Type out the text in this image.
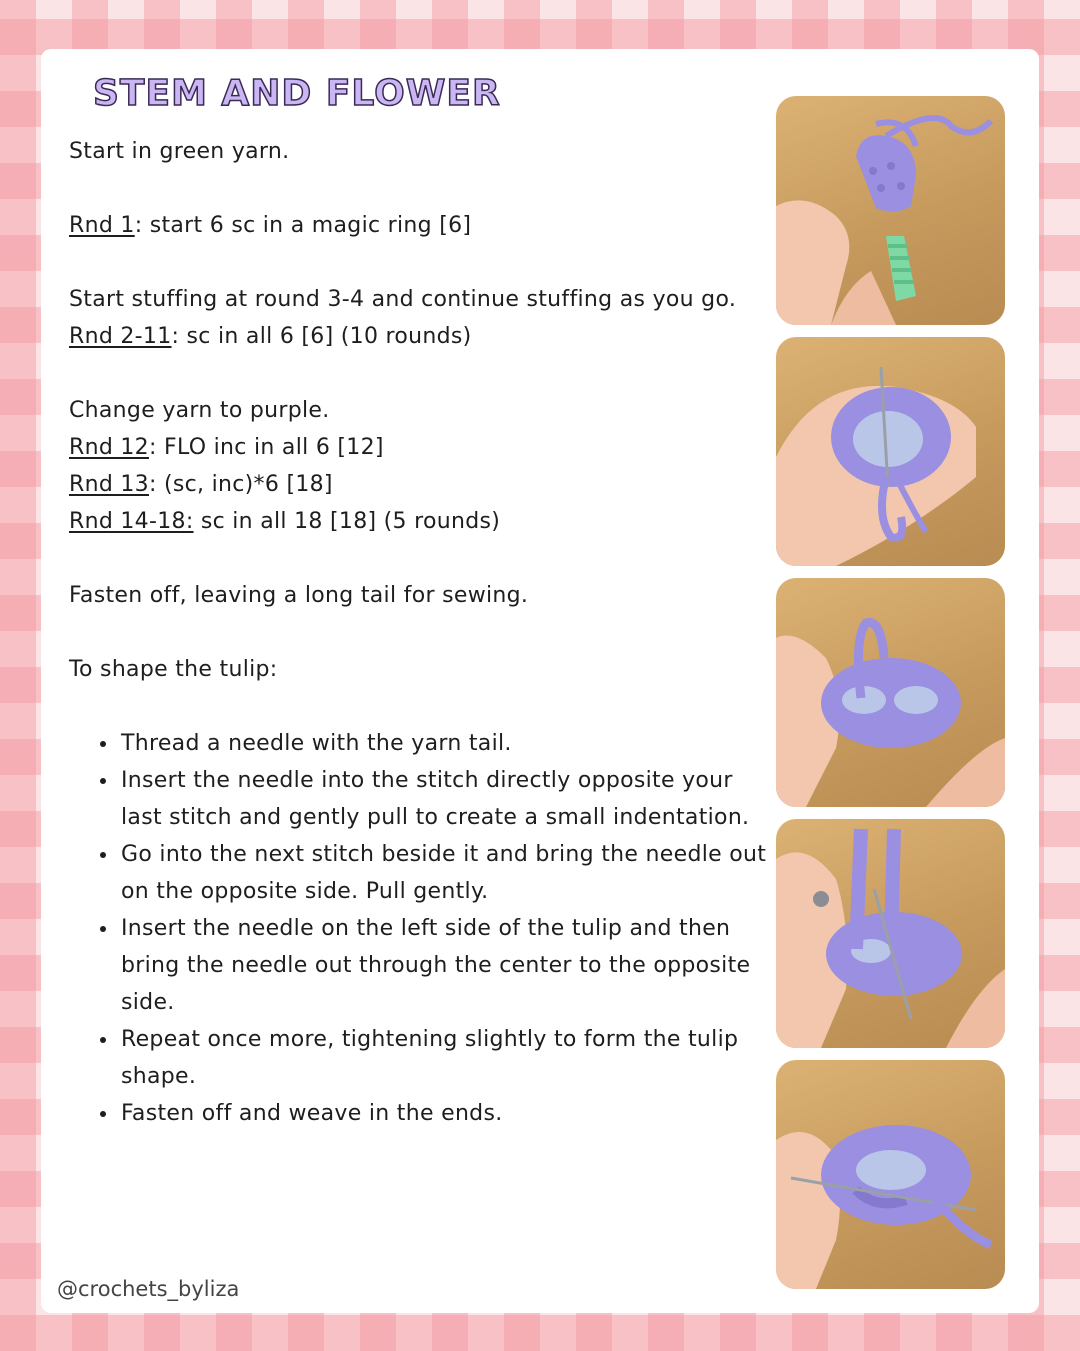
STEM AND FLOWER

Start in green yarn.

Rnd 1: start 6 sc in a magic ring [6]

Start stuffing at round 3-4 and continue stuffing as you go.

Rnd 2-11: sc in all 6 [6] (10 rounds)

Change yarn to purple.

Rnd 12: FLO inc in all 6 [12]

Rnd 13: (sc, inc)*6 [18]

Rnd 14-18: sc in all 18 [18] (5 rounds)

Fasten off, leaving a long tail for sewing.

To shape the tulip:

• Thread a needle with the yarn tail.
• Insert the needle into the stitch directly opposite your last stitch and gently pull to create a small indentation.
• Go into the next stitch beside it and bring the needle out on the opposite side. Pull gently.
• Insert the needle on the left side of the tulip and then bring the needle out through the center to the opposite side.
• Repeat once more, tightening slightly to form the tulip shape.
• Fasten off and weave in the ends.
@crochets_byliza
